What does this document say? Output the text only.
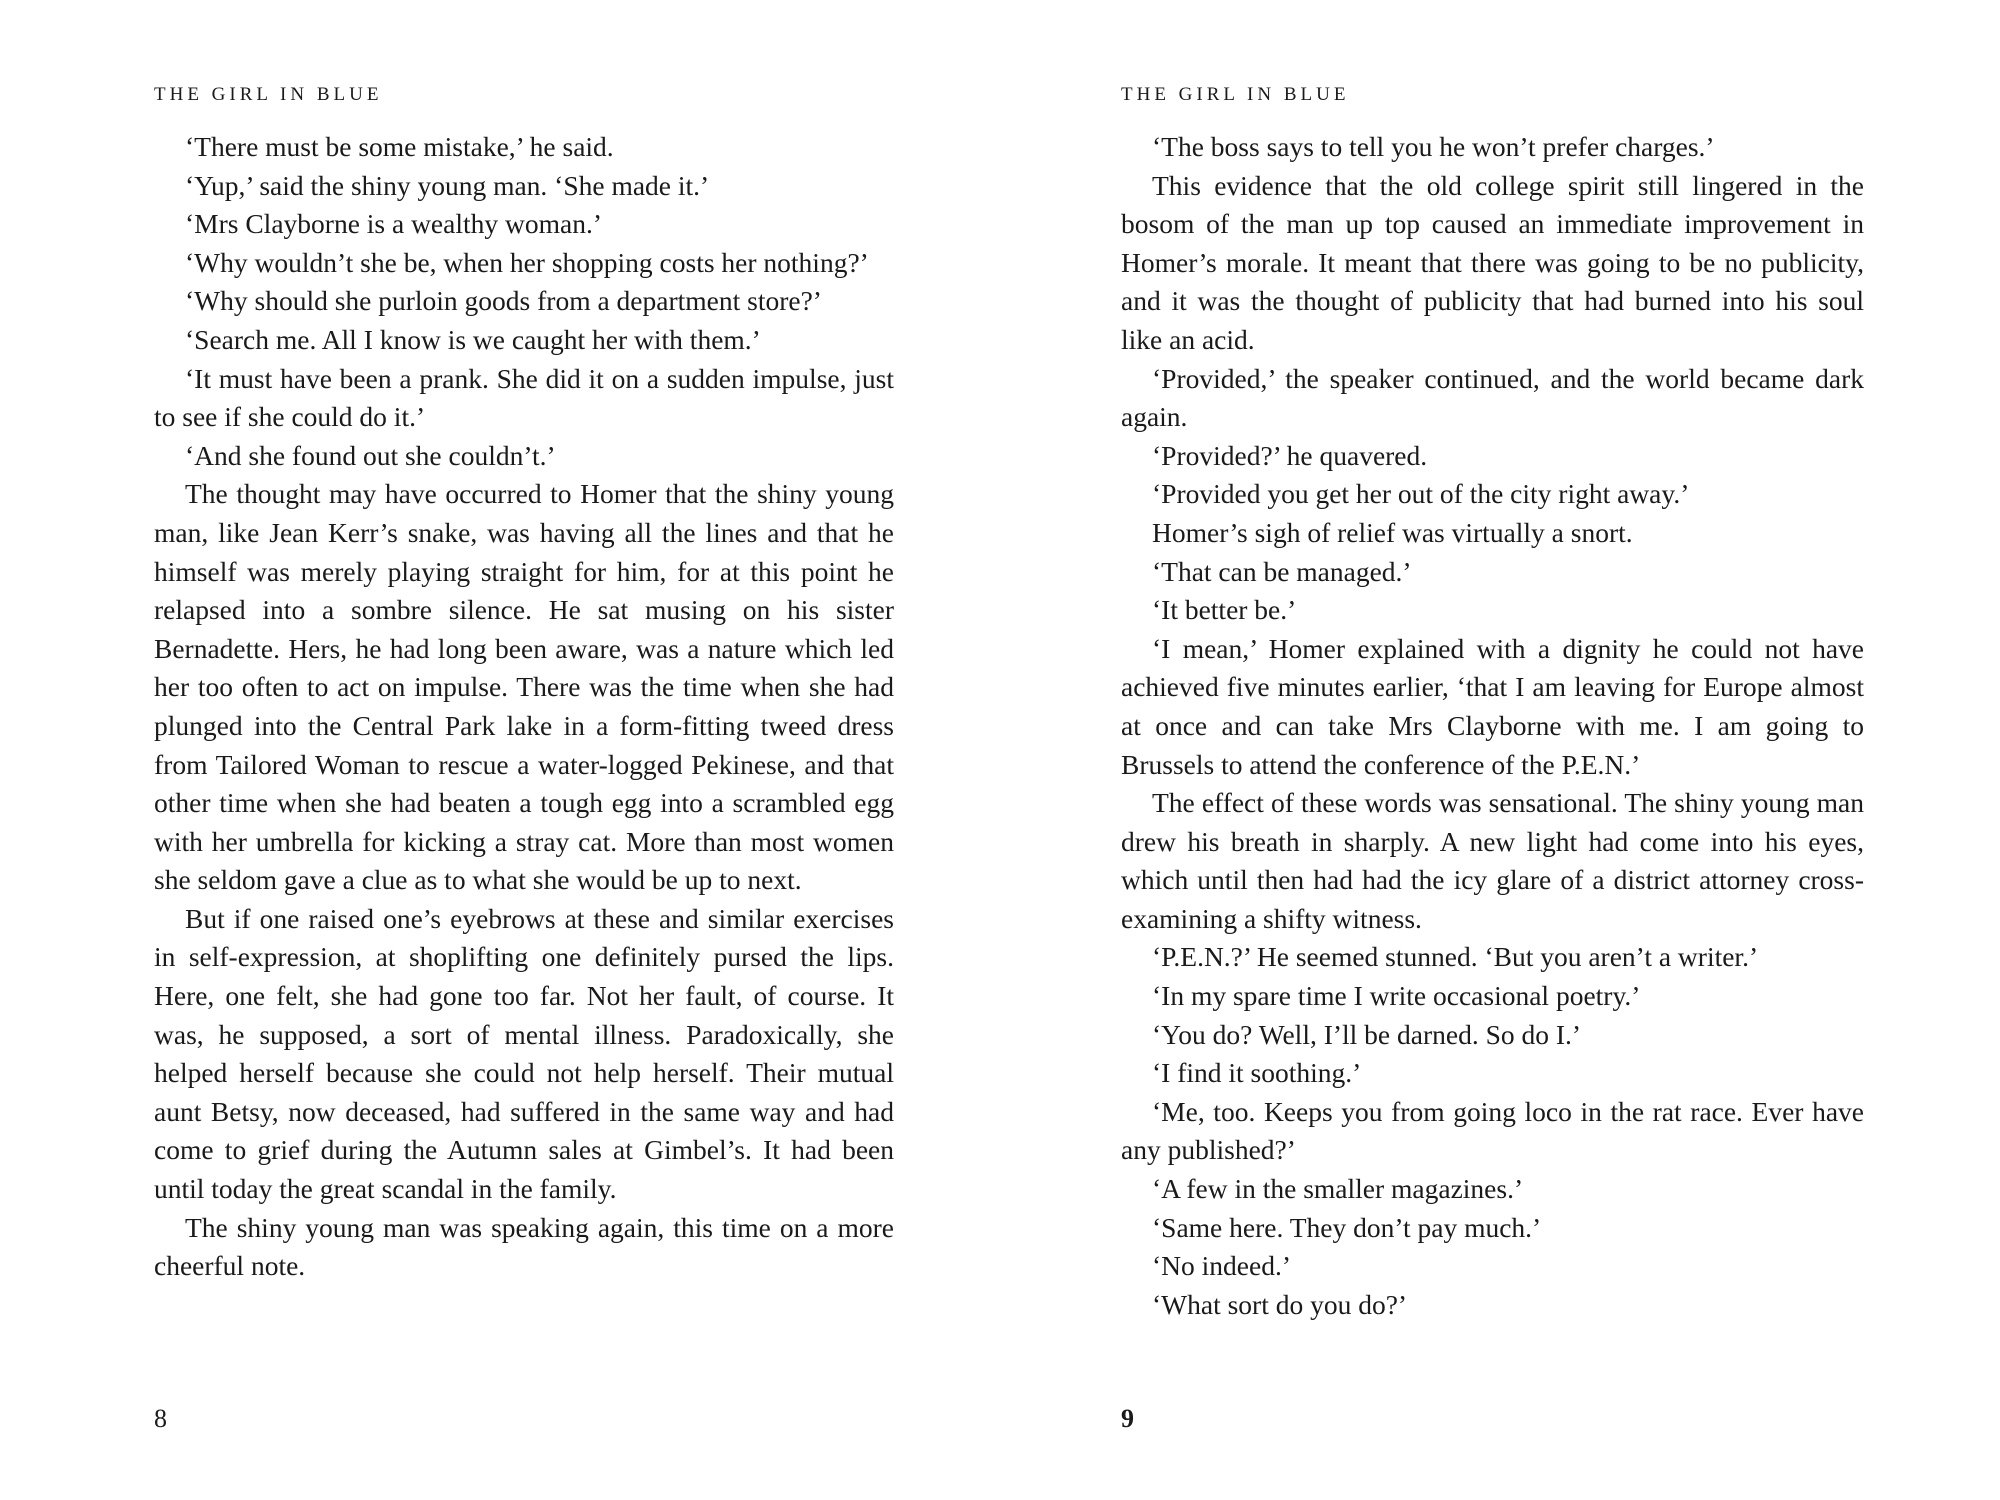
THE GIRL IN BLUE

‘There must be some mistake,’ he said.

‘Yup,’ said the shiny young man. ‘She made it.’

‘Mrs Clayborne is a wealthy woman.’

‘Why wouldn’t she be, when her shopping costs her nothing?’

‘Why should she purloin goods from a department store?’

‘Search me. All I know is we caught her with them.’

‘It must have been a prank. She did it on a sudden impulse, just to see if she could do it.’

‘And she found out she couldn’t.’

The thought may have occurred to Homer that the shiny young man, like Jean Kerr’s snake, was having all the lines and that he himself was merely playing straight for him, for at this point he relapsed into a sombre silence. He sat musing on his sister Bernadette. Hers, he had long been aware, was a nature which led her too often to act on impulse. There was the time when she had plunged into the Central Park lake in a form-fitting tweed dress from Tailored Woman to rescue a water-logged Pekinese, and that other time when she had beaten a tough egg into a scrambled egg with her umbrella for kicking a stray cat. More than most women she seldom gave a clue as to what she would be up to next.

But if one raised one’s eyebrows at these and similar exercises in self-expression, at shoplifting one definitely pursed the lips. Here, one felt, she had gone too far. Not her fault, of course. It was, he supposed, a sort of mental illness. Paradoxically, she helped herself because she could not help herself. Their mutual aunt Betsy, now deceased, had suffered in the same way and had come to grief during the Autumn sales at Gimbel’s. It had been until today the great scandal in the family.

The shiny young man was speaking again, this time on a more cheerful note.

8
THE GIRL IN BLUE

‘The boss says to tell you he won’t prefer charges.’

This evidence that the old college spirit still lingered in the bosom of the man up top caused an immediate improvement in Homer’s morale. It meant that there was going to be no publicity, and it was the thought of publicity that had burned into his soul like an acid.

‘Provided,’ the speaker continued, and the world became dark again.

‘Provided?’ he quavered.

‘Provided you get her out of the city right away.’

Homer’s sigh of relief was virtually a snort.

‘That can be managed.’

‘It better be.’

‘I mean,’ Homer explained with a dignity he could not have achieved five minutes earlier, ‘that I am leaving for Europe almost at once and can take Mrs Clayborne with me. I am going to Brussels to attend the conference of the P.E.N.’

The effect of these words was sensational. The shiny young man drew his breath in sharply. A new light had come into his eyes, which until then had had the icy glare of a district attorney cross-examining a shifty witness.

‘P.E.N.?’ He seemed stunned. ‘But you aren’t a writer.’

‘In my spare time I write occasional poetry.’

‘You do? Well, I’ll be darned. So do I.’

‘I find it soothing.’

‘Me, too. Keeps you from going loco in the rat race. Ever have any published?’

‘A few in the smaller magazines.’

‘Same here. They don’t pay much.’

‘No indeed.’

‘What sort do you do?’

9
